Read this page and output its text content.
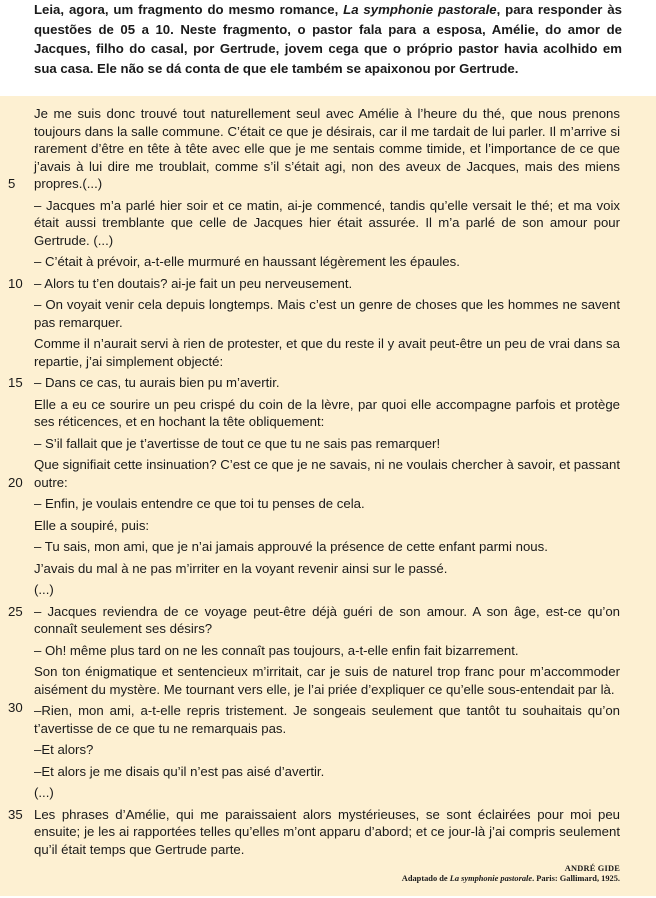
Leia, agora, um fragmento do mesmo romance, La symphonie pastorale, para responder às questões de 05 a 10. Neste fragmento, o pastor fala para a esposa, Amélie, do amor de Jacques, filho do casal, por Gertrude, jovem cega que o próprio pastor havia acolhido em sua casa. Ele não se dá conta de que ele também se apaixonou por Gertrude.

Je me suis donc trouvé tout naturellement seul avec Amélie à l’heure du thé, que nous prenons toujours dans la salle commune. C’était ce que je désirais, car il me tardait de lui parler. Il m’arrive si rarement d’être en tête à tête avec elle que je me sentais comme timide, et l’importance de ce que j’avais à lui dire me troublait, comme s’il s’était agi, non des aveux de Jacques, mais des miens propres.(...)
5

– Jacques m’a parlé hier soir et ce matin, ai-je commencé, tandis qu’elle versait le thé; et ma voix était aussi tremblante que celle de Jacques hier était assurée. Il m’a parlé de son amour pour Gertrude. (...)

– C’était à prévoir, a-t-elle murmuré en haussant légèrement les épaules.

– Alors tu t’en doutais? ai-je fait un peu nerveusement.
10

– On voyait venir cela depuis longtemps. Mais c’est un genre de choses que les hommes ne savent pas remarquer.

Comme il n’aurait servi à rien de protester, et que du reste il y avait peut-être un peu de vrai dans sa repartie, j’ai simplement objecté:

– Dans ce cas, tu aurais bien pu m’avertir.
15

Elle a eu ce sourire un peu crispé du coin de la lèvre, par quoi elle accompagne parfois et protège ses réticences, et en hochant la tête obliquement:

– S’il fallait que je t’avertisse de tout ce que tu ne sais pas remarquer!

Que signifiait cette insinuation? C’est ce que je ne savais, ni ne voulais chercher à savoir, et passant outre:
20

– Enfin, je voulais entendre ce que toi tu penses de cela.

Elle a soupiré, puis:

– Tu sais, mon ami, que je n’ai jamais approuvé la présence de cette enfant parmi nous.

J’avais du mal à ne pas m’irriter en la voyant revenir ainsi sur le passé.

(...)

– Jacques reviendra de ce voyage peut-être déjà guéri de son amour. A son âge, est-ce qu’on connaît seulement ses désirs?
25

– Oh! même plus tard on ne les connaît pas toujours, a-t-elle enfin fait bizarrement.

Son ton énigmatique et sentencieux m’irritait, car je suis de naturel trop franc pour m’accommoder aisément du mystère. Me tournant vers elle, je l’ai priée d’expliquer ce qu’elle sous-entendait par là.
30 –Rien, mon ami, a-t-elle repris tristement. Je songeais seulement que tantôt tu souhaitais qu’on t’avertisse de ce que tu ne remarquais pas.

–Et alors?

–Et alors je me disais qu’il n’est pas aisé d’avertir.

(...)

Les phrases d’Amélie, qui me paraissaient alors mystérieuses, se sont éclairées pour moi peu ensuite; je les ai rapportées telles qu’elles m’ont apparu d’abord; et ce jour-là j’ai compris seulement qu’il était temps que Gertrude parte.
35

ANDRÉ GIDE
Adaptado de La symphonie pastorale. Paris: Gallimard, 1925.
